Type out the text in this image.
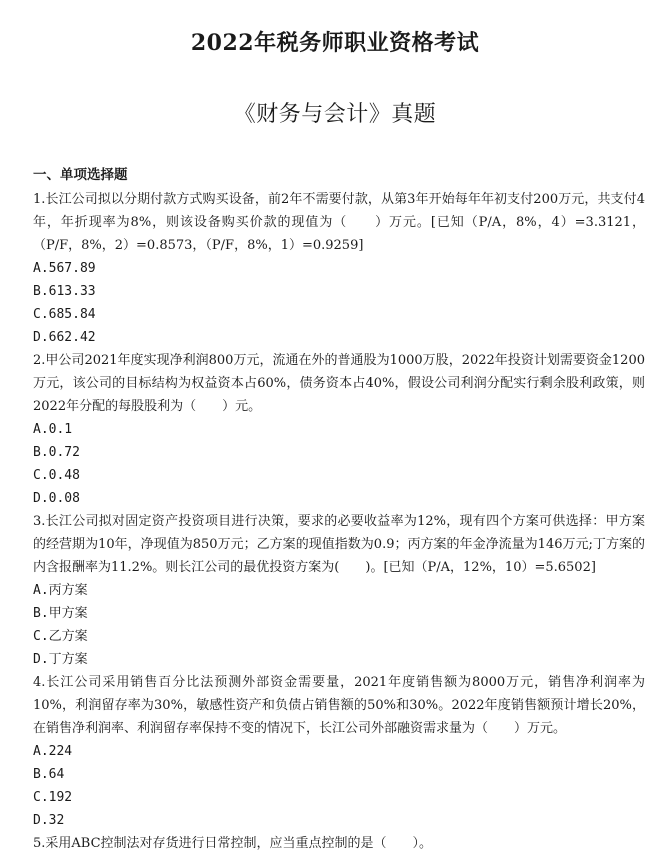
2022年税务师职业资格考试
《财务与会计》真题
一、单项选择题

1.长江公司拟以分期付款方式购买设备，前2年不需要付款，从第3年开始每年年初支付200万元，共支付4年，年折现率为8%，则该设备购买价款的现值为（　　）万元。[已知（P/A，8%，4）=3.3121，（P/F，8%，2）=0.8573，（P/F，8%，1）=0.9259]

A.567.89

B.613.33

C.685.84

D.662.42

2.甲公司2021年度实现净利润800万元，流通在外的普通股为1000万股，2022年投资计划需要资金1200万元，该公司的目标结构为权益资本占60%，债务资本占40%，假设公司利润分配实行剩余股利政策，则2022年分配的每股股利为（　　）元。

A.0.1

B.0.72

C.0.48

D.0.08

3.长江公司拟对固定资产投资项目进行决策，要求的必要收益率为12%，现有四个方案可供选择：甲方案的经营期为10年，净现值为850万元；乙方案的现值指数为0.9；丙方案的年金净流量为146万元;丁方案的内含报酬率为11.2%。则长江公司的最优投资方案为(　　)。[已知（P/A，12%，10）=5.6502]

A.丙方案

B.甲方案

C.乙方案

D.丁方案

4.长江公司采用销售百分比法预测外部资金需要量，2021年度销售额为8000万元，销售净利润率为10%，利润留存率为30%，敏感性资产和负债占销售额的50%和30%。2022年度销售额预计增长20%，在销售净利润率、利润留存率保持不变的情况下，长江公司外部融资需求量为（　　）万元。

A.224

B.64

C.192

D.32

5.采用ABC控制法对存货进行日常控制，应当重点控制的是（　　）。
